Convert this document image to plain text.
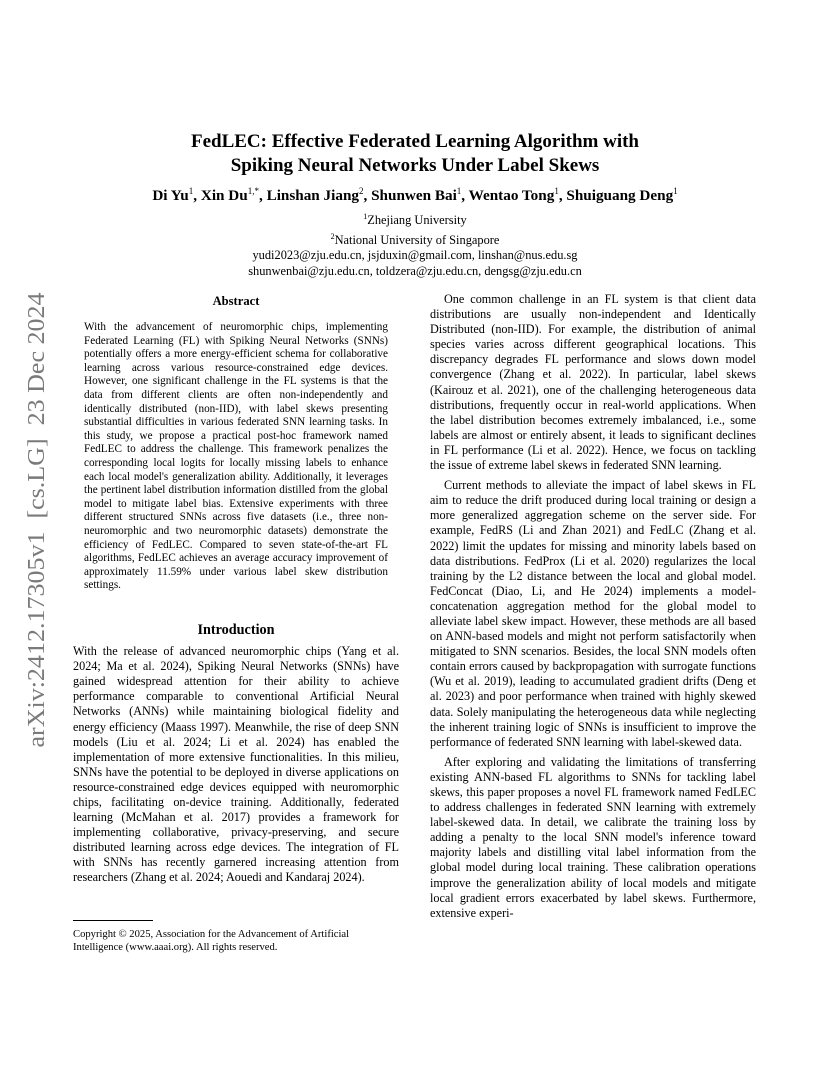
arXiv:2412.17305v1  [cs.LG]  23 Dec 2024
FedLEC: Effective Federated Learning Algorithm with
Spiking Neural Networks Under Label Skews
Di Yu$^1$, Xin $Du^{1,*}$, Linshan Jiang$^2$, Shunwen Bai$^1$, Wentao Tong$^1$, Shuiguang Deng$^1$
$^1$Zhejiang University
$^2$National University of Singapore
yudi2023@zju.edu.cn, jsjduxin@gmail.com, linshan@nus.edu.sg
shunwenbai@zju.edu.cn, toldzera@zju.edu.cn, dengsg@zju.edu.cn
Abstract
With the advancement of neuromorphic chips, implementing Federated Learning (FL) with Spiking Neural Networks (SNNs) potentially offers a more energy-efficient schema for collaborative learning across various resource-constrained edge devices. However, one significant challenge in the FL systems is that the data from different clients are often non-independently and identically distributed (non-IID), with label skews presenting substantial difficulties in various federated SNN learning tasks. In this study, we propose a practical post-hoc framework named FedLEC to address the challenge. This framework penalizes the corresponding local logits for locally missing labels to enhance each local model's generalization ability. Additionally, it leverages the pertinent label distribution information distilled from the global model to mitigate label bias. Extensive experiments with three different structured SNNs across five datasets (i.e., three non-neuromorphic and two neuromorphic datasets) demonstrate the efficiency of FedLEC. Compared to seven state-of-the-art FL algorithms, FedLEC achieves an average accuracy improvement of approximately 11.59% under various label skew distribution settings.
Introduction

With the release of advanced neuromorphic chips (Yang et al. 2024; Ma et al. 2024), Spiking Neural Networks (SNNs) have gained widespread attention for their ability to achieve performance comparable to conventional Artificial Neural Networks (ANNs) while maintaining biological fidelity and energy efficiency (Maass 1997). Meanwhile, the rise of deep SNN models (Liu et al. 2024; Li et al. 2024) has enabled the implementation of more extensive functionalities. In this milieu, SNNs have the potential to be deployed in diverse applications on resource-constrained edge devices equipped with neuromorphic chips, facilitating on-device training. Additionally, federated learning (McMahan et al. 2017) provides a framework for implementing collaborative, privacy-preserving, and secure distributed learning across edge devices. The integration of FL with SNNs has recently garnered increasing attention from researchers (Zhang et al. 2024; Aouedi and Kandaraj 2024).

Copyright © 2025, Association for the Advancement of Artificial Intelligence (www.aaai.org). All rights reserved.

One common challenge in an FL system is that client data distributions are usually non-independent and Identically Distributed (non-IID). For example, the distribution of animal species varies across different geographical locations. This discrepancy degrades FL performance and slows down model convergence (Zhang et al. 2022). In particular, label skews (Kairouz et al. 2021), one of the challenging heterogeneous data distributions, frequently occur in real-world applications. When the label distribution becomes extremely imbalanced, i.e., some labels are almost or entirely absent, it leads to significant declines in FL performance (Li et al. 2022). Hence, we focus on tackling the issue of extreme label skews in federated SNN learning.

Current methods to alleviate the impact of label skews in FL aim to reduce the drift produced during local training or design a more generalized aggregation scheme on the server side. For example, FedRS (Li and Zhan 2021) and FedLC (Zhang et al. 2022) limit the updates for missing and minority labels based on data distributions. FedProx (Li et al. 2020) regularizes the local training by the L2 distance between the local and global model. FedConcat (Diao, Li, and He 2024) implements a model-concatenation aggregation method for the global model to alleviate label skew impact. However, these methods are all based on ANN-based models and might not perform satisfactorily when mitigated to SNN scenarios. Besides, the local SNN models often contain errors caused by backpropagation with surrogate functions (Wu et al. 2019), leading to accumulated gradient drifts (Deng et al. 2023) and poor performance when trained with highly skewed data. Solely manipulating the heterogeneous data while neglecting the inherent training logic of SNNs is insufficient to improve the performance of federated SNN learning with label-skewed data.

After exploring and validating the limitations of transferring existing ANN-based FL algorithms to SNNs for tackling label skews, this paper proposes a novel FL framework named FedLEC to address challenges in federated SNN learning with extremely label-skewed data. In detail, we calibrate the training loss by adding a penalty to the local SNN model's inference toward majority labels and distilling vital label information from the global model during local training. These calibration operations improve the generalization ability of local models and mitigate local gradient errors exacerbated by label skews. Furthermore, extensive experi-
